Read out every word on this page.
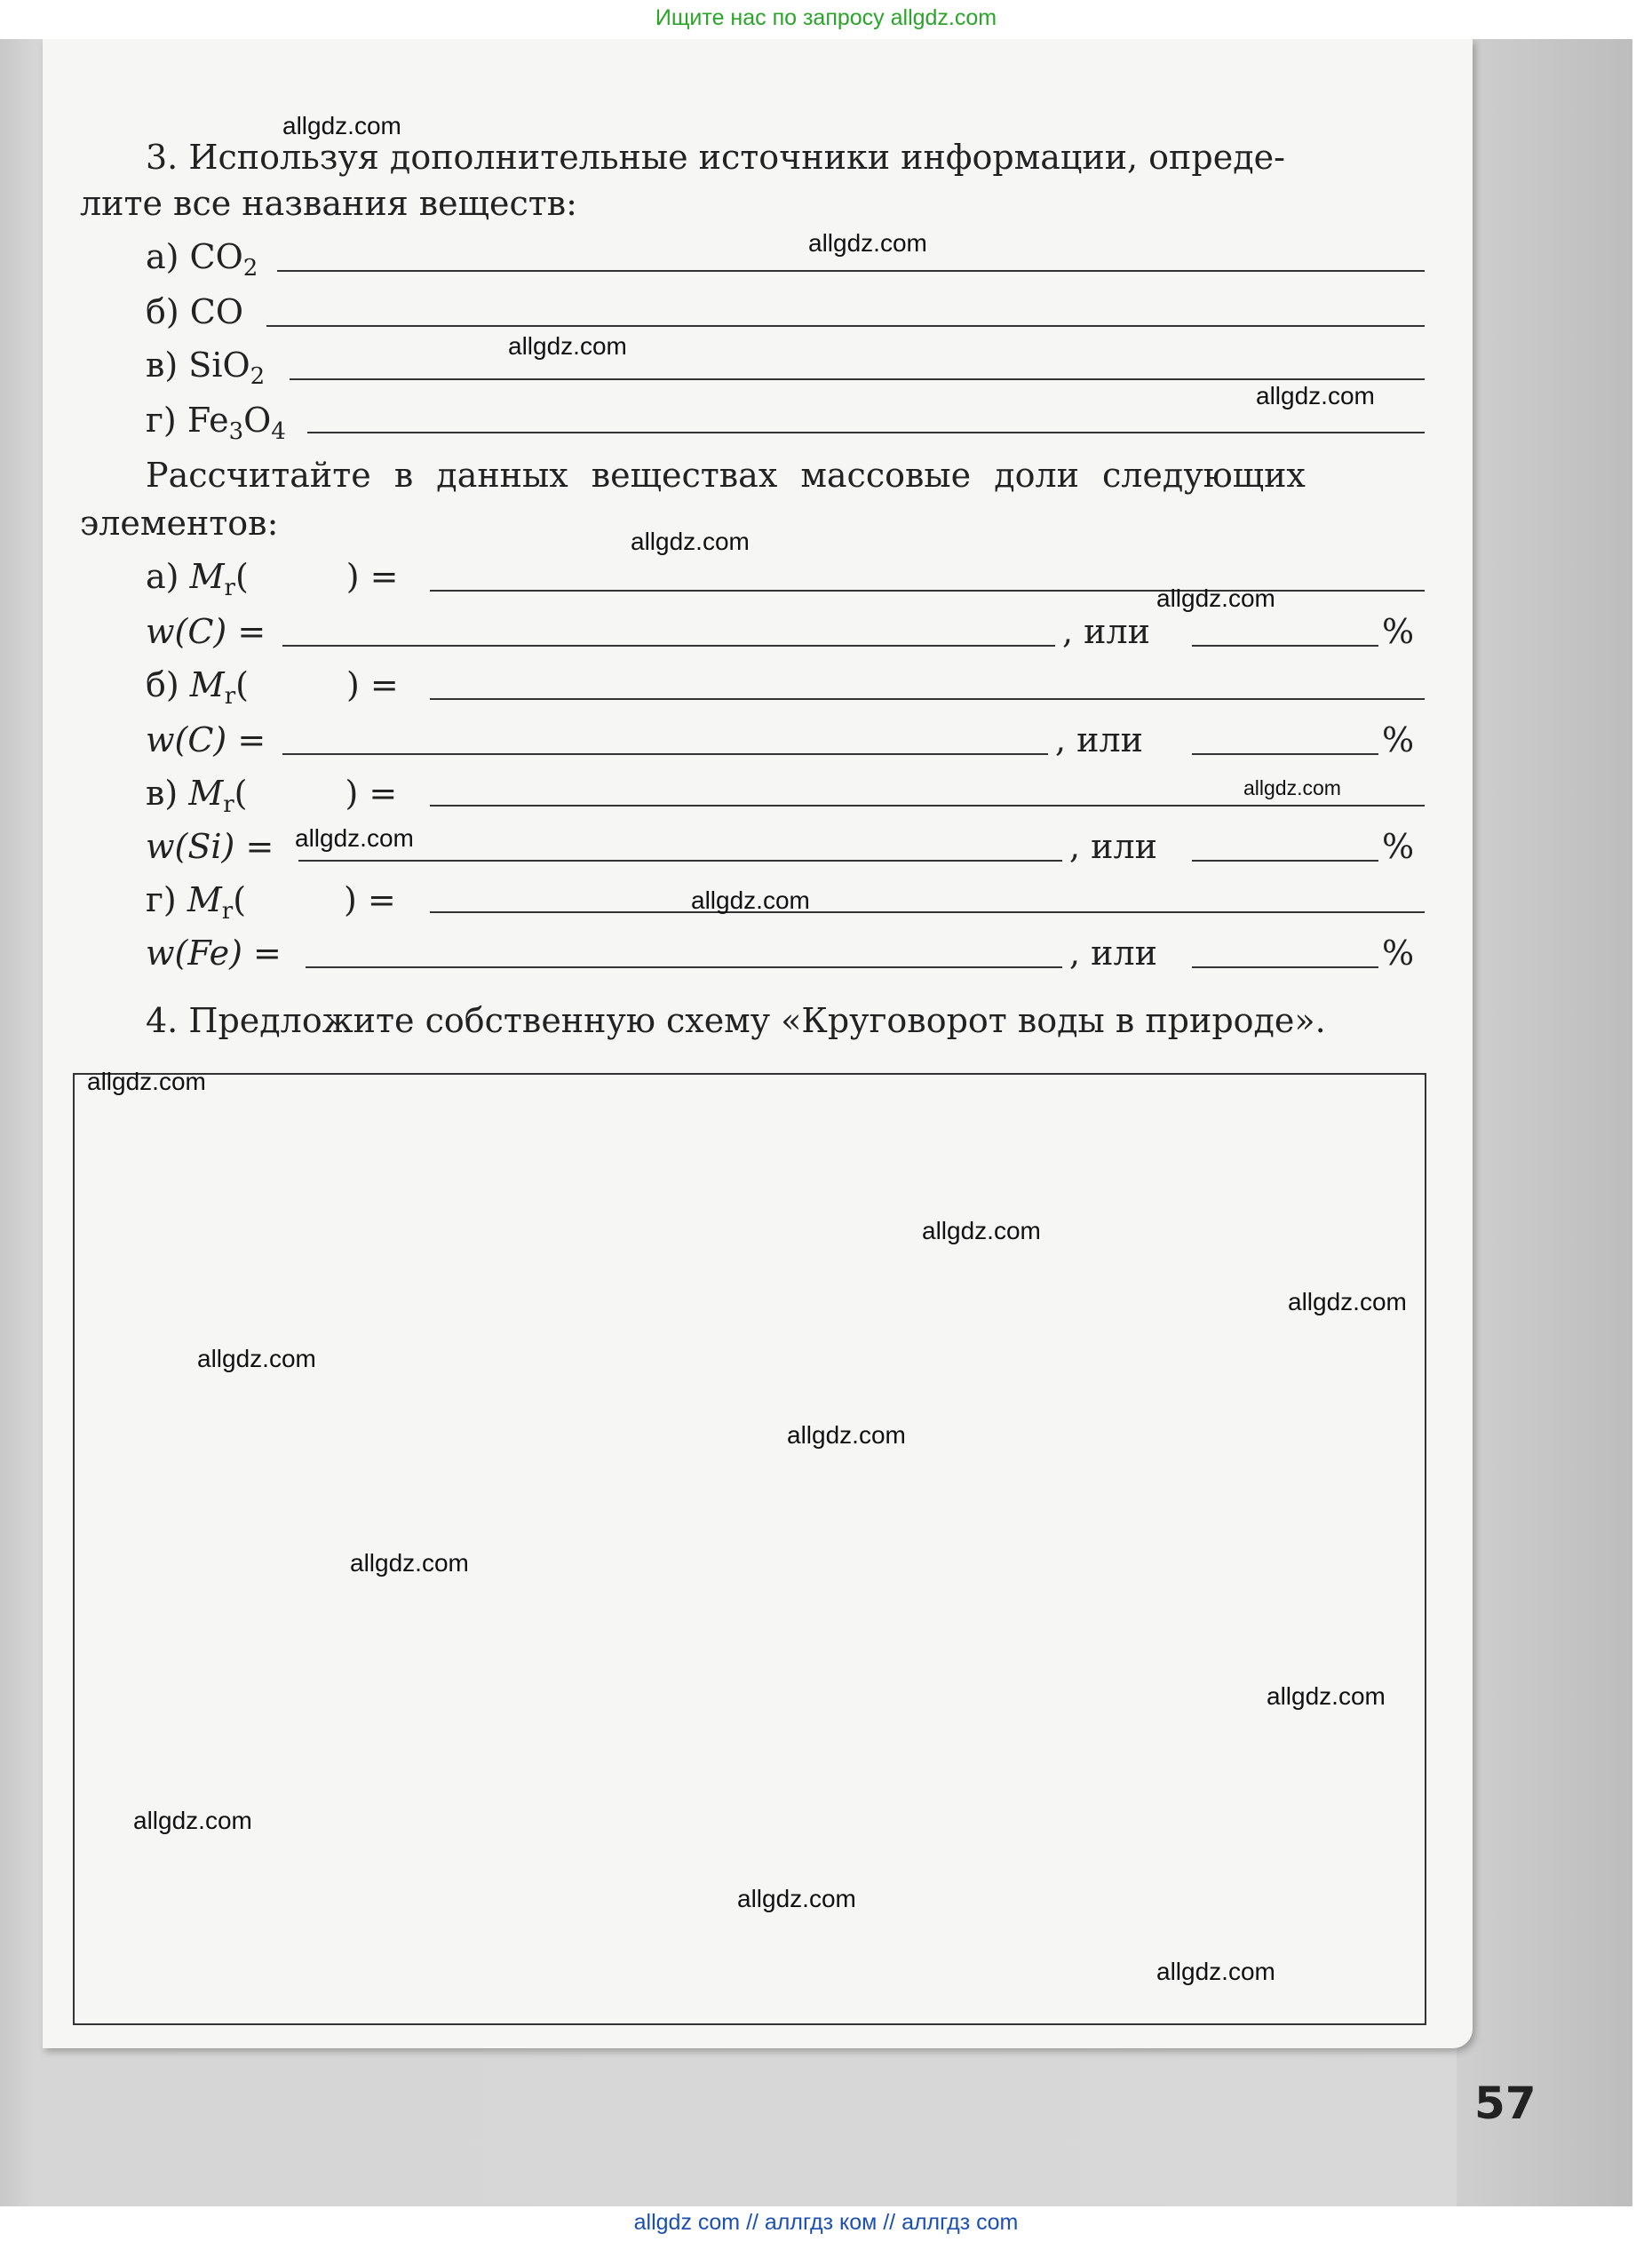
Ищите нас по запросу allgdz.com
57
3. Используя дополнительные источники информации, опреде-
лите все названия веществ:
а) $CO_2$
б) CO
в) SiO$_2$
г) $Fe_3O_4$
Рассчитайте в данных веществах массовые доли следующих
элементов:
а) $M_r$(	) =
w(C) =	, или	%
б) $M_r$(	) =
w(C) =	, или	%
в) $M_r$(	) =
w(Si) =	, или	%
г) $M_r$(	) =
w(Fe) =	, или	%
4. Предложите собственную схему «Круговорот воды в природе».
allgdz.com
allgdz.com
allgdz.com
allgdz.com
allgdz.com
allgdz.com
allgdz.com
allgdz.com
allgdz.com
allgdz.com
allgdz.com
allgdz.com
allgdz.com
allgdz.com
allgdz.com
allgdz.com
allgdz.com
allgdz.com
allgdz.com
allgdz com // аллгдз ком // аллгдз com
